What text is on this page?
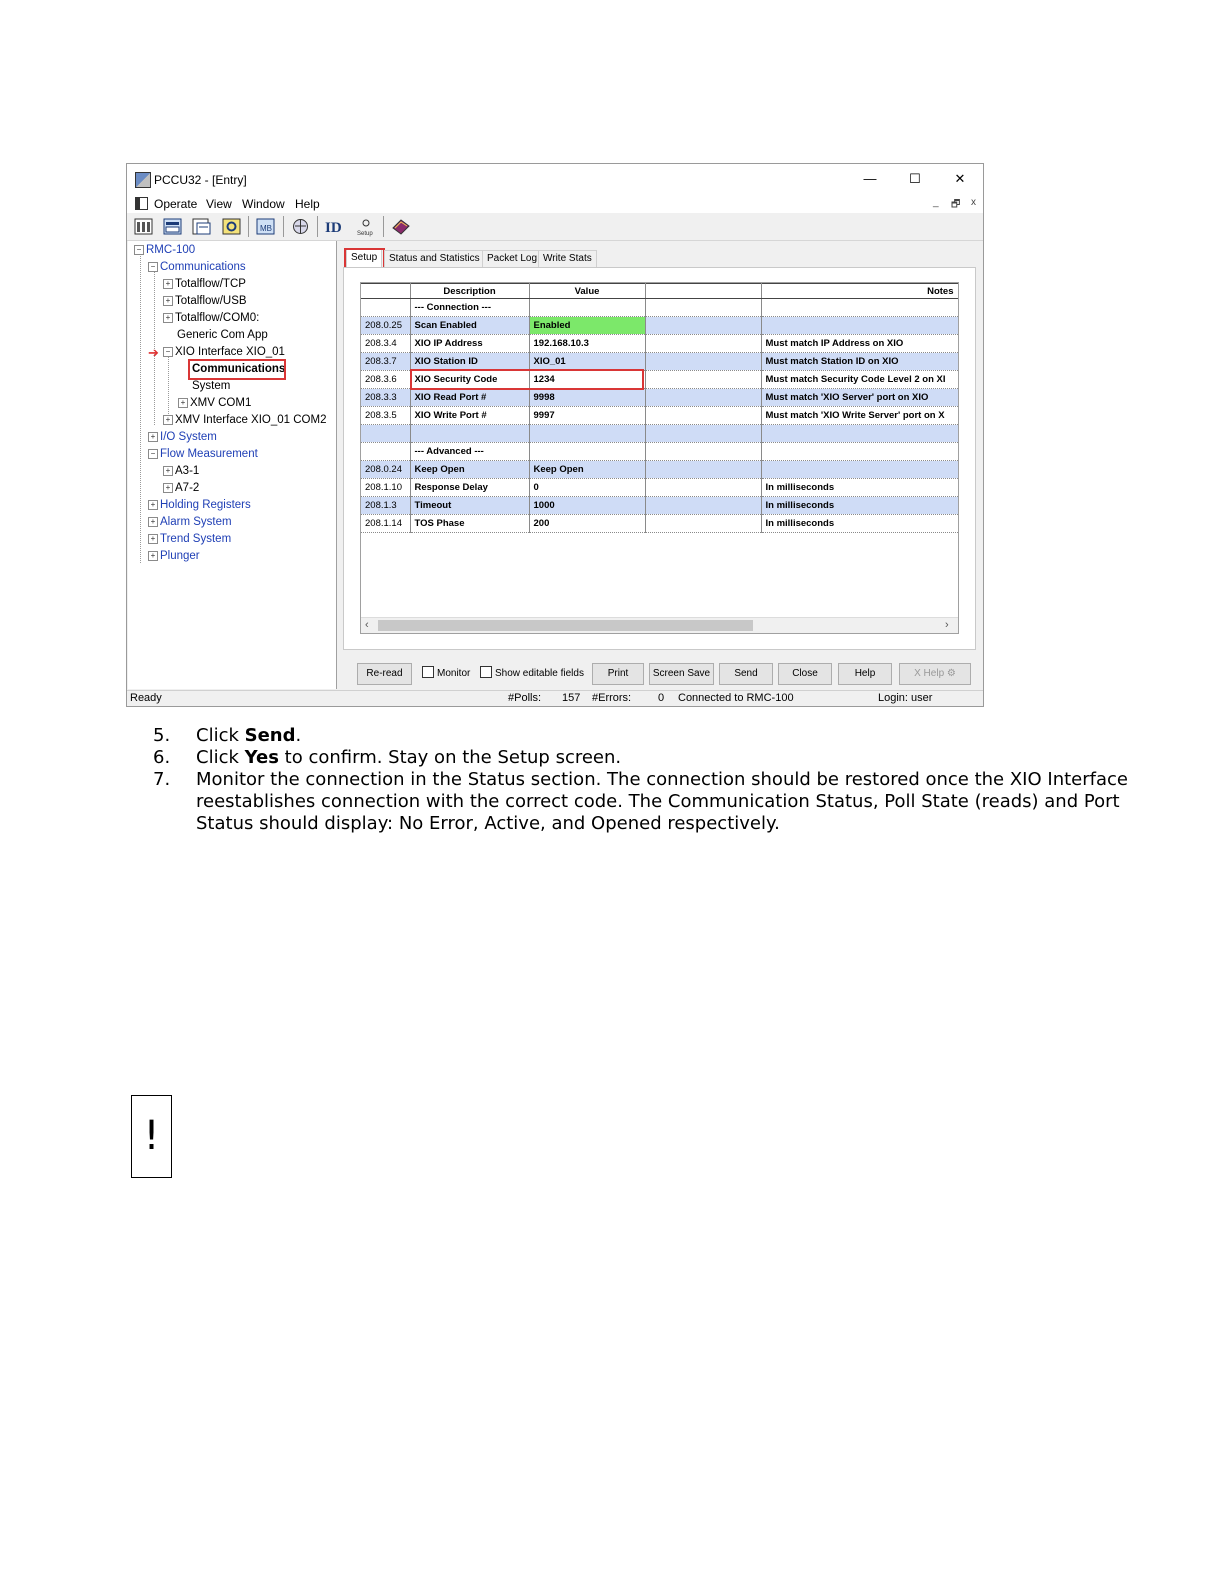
PCCU32 - [Entry]	—	☐	✕
Operate View Window Help	_ 🗗 x
MB	ID	Setup
− RMC-100
− Communications
+ Totalflow/TCP
+ Totalflow/USB
+ Totalflow/COM0:
Generic Com App
− XIO Interface XIO_01
Communications
System
+ XMV COM1
+ XMV Interface XIO_01 COM2
+ I/O System
− Flow Measurement
+ A3-1
+ A7-2
+ Holding Registers
+ Alarm System
+ Trend System
+ Plunger
➔
Setup	Status and Statistics Packet Log Write Stats
	Description	Value		Notes
	--- Connection ---			
208.0.25	Scan Enabled	Enabled		
208.3.4	XIO IP Address	192.168.10.3		Must match IP Address on XIO
208.3.7	XIO Station ID	XIO_01		Must match Station ID on XIO
208.3.6	XIO Security Code	1234		Must match Security Code Level 2 on XI
208.3.3	XIO Read Port #	9998		Must match 'XIO Server' port on XIO
208.3.5	XIO Write Port #	9997		Must match 'XIO Write Server' port on X

	--- Advanced ---			
208.0.24	Keep Open	Keep Open		
208.1.10	Response Delay	0		In milliseconds
208.1.3	Timeout	1000		In milliseconds
208.1.14	TOS Phase	200		In milliseconds
‹	›
Re-read	Monitor	Show editable fields	Print	Screen Save	Send	Close	Help	X Help ⚙
Ready	#Polls: 157 #Errors: 0 Connected to RMC-100	Login: user
5. Click Send.
6. Click Yes to confirm. Stay on the Setup screen.
7. Monitor the connection in the Status section. The connection should be restored once the XIO Interface reestablishes connection with the correct code. The Communication Status, Poll State (reads) and Port Status should display: No Error, Active, and Opened respectively.
!
